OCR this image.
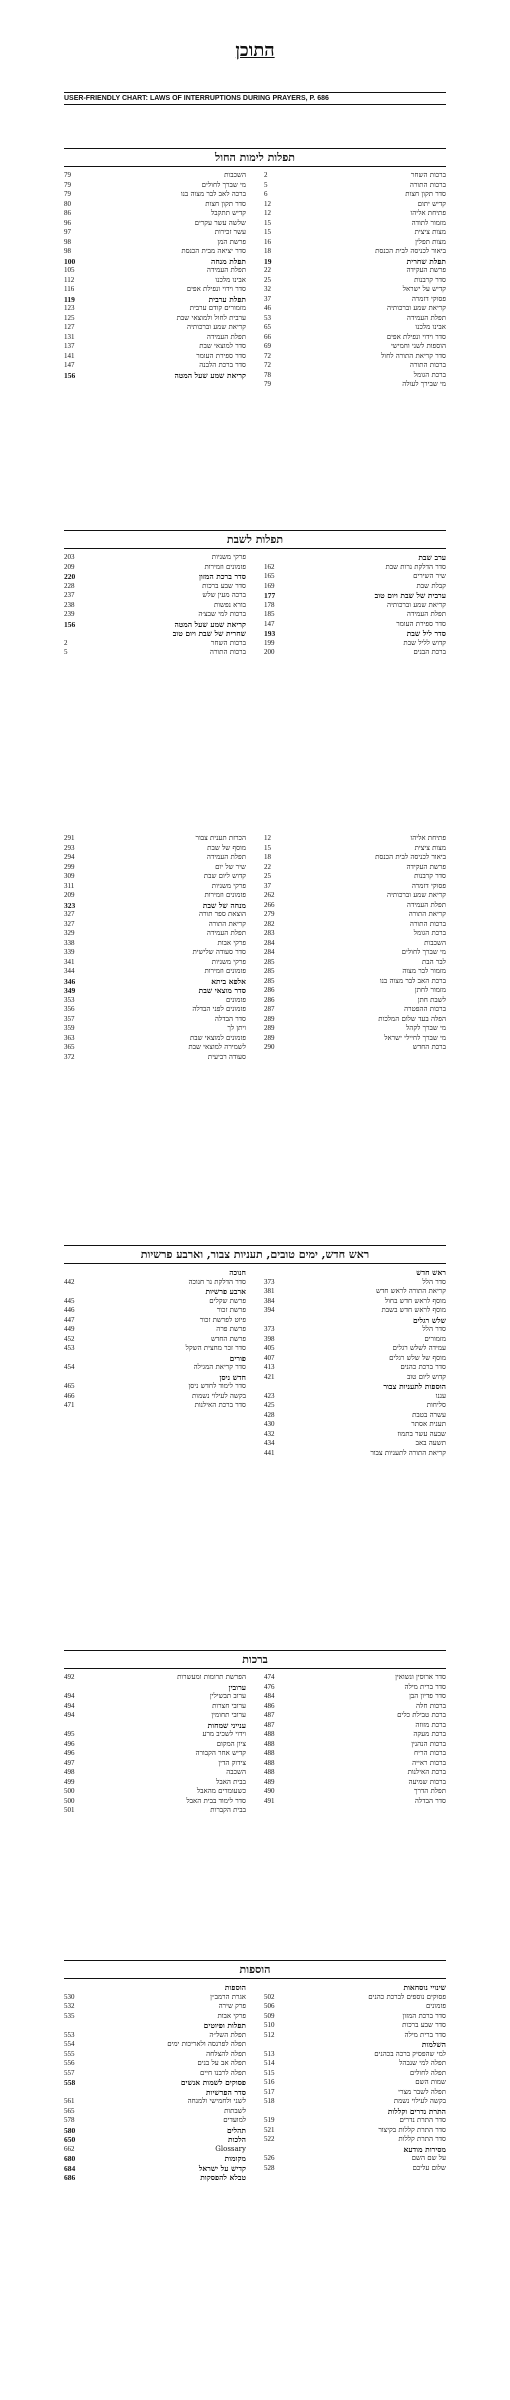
התוכן
USER-FRIENDLY CHART: LAWS OF INTERRUPTIONS DURING PRAYERS, P. 686
תפלות לימות החול
ברכות השחר
2
ברכות התורה
5
סדר תקון חצות
6
קדיש יתום
12
פתיחת אליהו
12
מזמור לתודה
15
מצות ציצית
15
מצות תפלין
16
ביאור לכניסה לבית הכנסת
18
תפלת שחרית
19
פרשת העקידה
22
סדר קרבנות
25
קדיש על ישראל
32
פסוקי דזמרה
37
קריאת שמע וברכותיה
46
תפלת העמידה
53
אבינו מלכנו
65
סדר וידוי ונפילת אפים
66
הוספות לשני וחמישי
69
סדר קריאת התורה לחול
72
ברכות התורה
72
ברכת הגומל
78
מי שבירך לעולה
79
השכבות
79
מי שברך לחולים
79
ברכה לאב לבר מצוה בנו
79
סדר תקון חצות
80
קדיש תתקבל
86
שלשה עשר עקרים
96
עשר זכירות
97
פרשת המן
98
סדר יציאה מבית הכנסת
98
תפלת מנחה
100
תפלת העמידה
105
אבינו מלכנו
112
סדר וידוי ונפילת אפים
116
תפלת ערבית
119
מזמורים קודם ערבית
123
ערבית לחול ולמוצאי שבת
125
קריאת שמע וברכותיה
127
תפלת העמידה
131
סדר למוצאי שבת
137
סדר ספירת העומר
141
סדר ברכת הלבנה
147
קריאת שמע שעל המטה
156
תפלות לשבת
ערב שבת
סדר הדלקת נרות שבת
162
שיר השירים
165
קבלת שבת
169
ערבית של שבת ויום טוב
177
קריאת שמע וברכותיה
178
תפלת העמידה
185
סדר ספירת העומר
147
סדר ליל שבת
193
קדוש לליל שבת
199
ברכת הבנים
200
פרקי משניות
203
פזמונים וזמירות
209
סדר ברכת המזון
220
סדר שבע ברכות
228
ברכה מעין שלש
237
בורא נפשות
238
ברכות למי שבצ׳ה
239
קריאת שמע שעל המטה
156
שחרית של שבת ויום טוב
ברכות השחר
2
ברכות התורה
5
פתיחת אליהו
12
מצות ציצית
15
ביאור לכניסה לבית הכנסת
18
פרשת העקידה
22
סדר קרבנות
25
פסוקי דזמרה
37
קריאת שמע וברכותיה
262
תפלת העמידה
266
קריאת התורה
279
ברכות התורה
282
ברכת הגומל
283
השכבות
284
מי שברך לחולים
284
לבר הבת
285
מזמור לבר מצוה
285
ברכת האב לבר מצוה בנו
285
מזמור לחתן
286
לשבת חתן
286
ברכות ההפטרה
287
הפלה בעד שלום המלכות
289
מי שברך לקהל
289
מי שברך לחיילי ישראל
289
ברכת החדש
290
הכרזת תענית צבור
291
מוסף של שבת
293
תפלת העמידה
294
שיר של יום
299
קדוש ליום שבת
309
פרקי משניות
311
פזמונים וזמירות
209
מנחה של שבת
323
הוצאת ספר תורה
327
קריאת התורה
327
תפלת העמידה
329
פרקי אבות
338
סדר סעודה שלישית
339
פרקי משניות
341
פזמונים וזמירות
344
אלפא ביתא
346
סדר מוצאי שבת
349
פזמונים
353
פזמונים לפני הבדלה
356
סדר הבדלה
357
ויתן לך
359
פזמונים למוצאי שבת
363
לשמירה למוצאי שבת
365
סעודה רביעית
372
ראש חדש, ימים טובים, תעניות צבור, וארבע פרשיות
ראש חדש
סדר הלל
373
קריאת התורה לראש חדש
381
מוסף לראש חדש בחול
384
מוסף לראש חדש בשבת
394
שלש רגלים
סדר הלל
373
מזמורים
398
עמידה לשלש רגלים
405
מוסף של שלש רגלים
407
סדר ברכת כהנים
413
קדוש ליום טוב
421
הוספות לתעניות צבור
עננו
423
סליחות
425
עשרה בטבת
428
תענית אסתר
430
שבעה עשר בתמוז
432
תשעה באב
434
קריאת התורה לתעניות צבור
441
חנוכה
סדר הדלקת נר חנוכה
442
ארבע פרשיות
פרשת שקלים
445
פרשת זכור
446
פיוט לפרשת זכור
447
פרשת פרה
449
פרשת החדש
452
סדר זכר מחצית השקל
453
פורים
סדר קריאת המגילה
454
חדש ניסן
סדר לימוד לחדש ניסן
465
בקשה לעילוי נשמות
466
סדר ברכת האילנות
471
ברכות
סדר ארוסין ונשואין
474
סדר ברית מילה
476
סדר פדיון הבן
484
ברכות חלה
486
ברכת טבילת כלים
487
ברכת מזוזה
487
ברכת מעקה
488
ברכות הנהנין
488
ברכות הריח
488
ברכות ראייה
488
ברכת האילנות
488
ברכות שמיעה
489
תפלת הדרך
490
סדר הבדלה
491
הפרשת תרומות ומעשרות
492
ערובין
ערוב תבשילין
494
ערובי חצרות
494
ערובי תחומין
494
ענייני שמחות
וידוי לשכיב מרע
495
ציון המקום
496
קדיש אחר הקבורה
496
צידוק הדין
497
השכבה
498
בבית האבל
499
כשעומדים מהאבל
500
סדר לימוד בבית האבל
500
בבית הקברות
501
הוספות
שינויי נוסחאות
פסוקים נוספים לברכת כהנים
502
פזמונים
506
סדר ברכת המזון
509
סדר שבע ברכות
510
סדר ברית מילה
512
השלמות
למי שהפסיק ברכה בכהנים
513
תפלה למי שנבהל
514
תפלה לחולים
515
שמות השם
516
תפלה לשבר מצרי
517
בקשה לעילוי נשמת
518
התרת נדרים וקללות
סדר התרת נדרים
519
סדר התרת קללות בקיצור
521
סדר התרת קללות
522
מסירות מודעא
על שם השם
526
שלום עליכם
528
הוספות
אגרת הרמב״ן
530
פרק שירה
532
פרקי אבות
535
תפלות ופיוטים
תפלת השל״ה
553
תפלה לפרנסה ולאריכות ימים
554
תפלה להצלחה
555
תפלה אב על בנים
556
תפלה לרבנו חיים
557
פסוקים לשמות אנשים
558
סדר הפרשיות
לשני ולחמישי ולמנחה
561
לשבתות
565
למועדים
578
תהלים
580
הלכות
650
Glossary
662
מקומות
680
קדיש על ישראל
684
טבלא להפסקות
686
